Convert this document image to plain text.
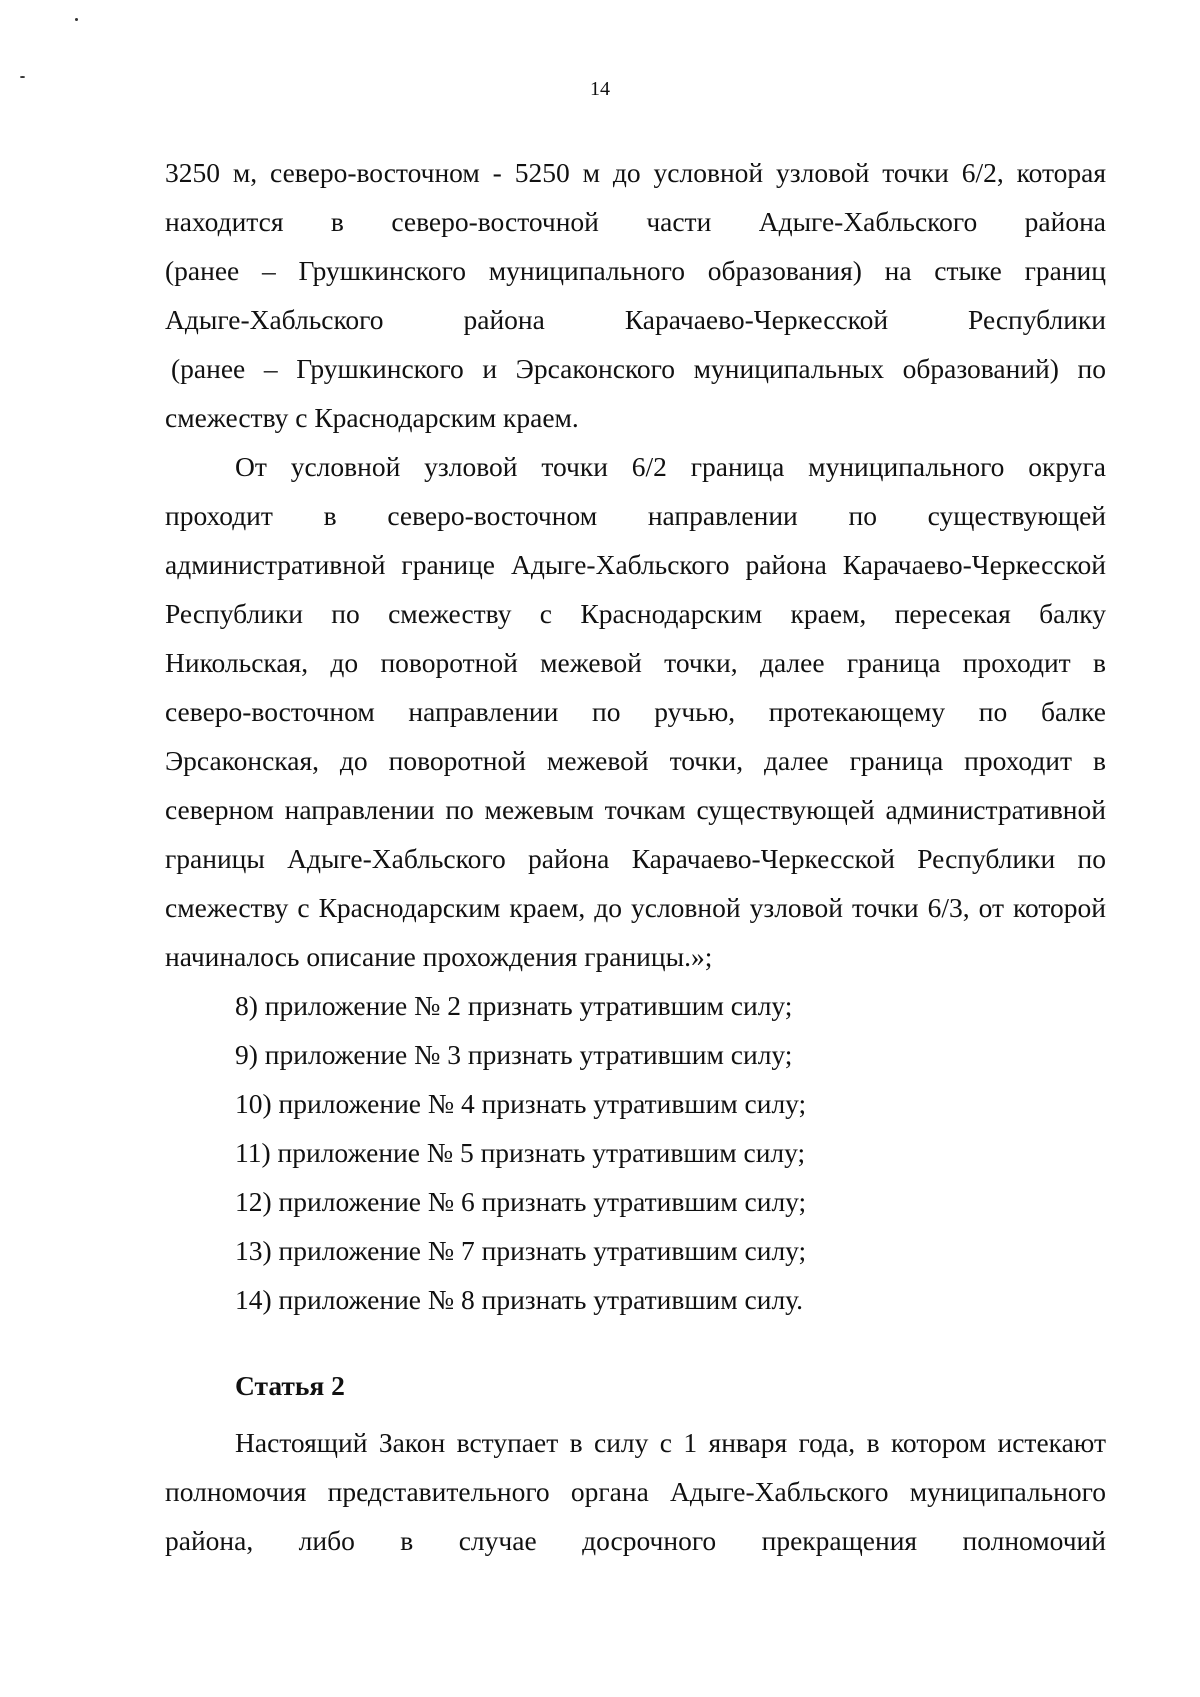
14
3250 м, северо-восточном - 5250 м до условной узловой точки 6/2, которая
находится в северо-восточной части Адыге-Хабльского района
(ранее – Грушкинского муниципального образования) на стыке границ
Адыге-Хабльского района Карачаево-Черкесской Республики
(ранее – Грушкинского и Эрсаконского муниципальных образований) по
смежеству с Краснодарским краем.
От условной узловой точки 6/2 граница муниципального округа
проходит в северо-восточном направлении по существующей
административной границе Адыге-Хабльского района Карачаево-Черкесской
Республики по смежеству с Краснодарским краем, пересекая балку
Никольская, до поворотной межевой точки, далее граница проходит в
северо-восточном направлении по ручью, протекающему по балке
Эрсаконская, до поворотной межевой точки, далее граница проходит в
северном направлении по межевым точкам существующей административной
границы Адыге-Хабльского района Карачаево-Черкесской Республики по
смежеству с Краснодарским краем, до условной узловой точки 6/3, от которой
начиналось описание прохождения границы.»;
8) приложение № 2 признать утратившим силу;
9) приложение № 3 признать утратившим силу;
10) приложение № 4 признать утратившим силу;
11) приложение № 5 признать утратившим силу;
12) приложение № 6 признать утратившим силу;
13) приложение № 7 признать утратившим силу;
14) приложение № 8 признать утратившим силу.
Статья 2
Настоящий Закон вступает в силу с 1 января года, в котором истекают
полномочия представительного органа Адыге-Хабльского муниципального
района, либо в случае досрочного прекращения полномочий
